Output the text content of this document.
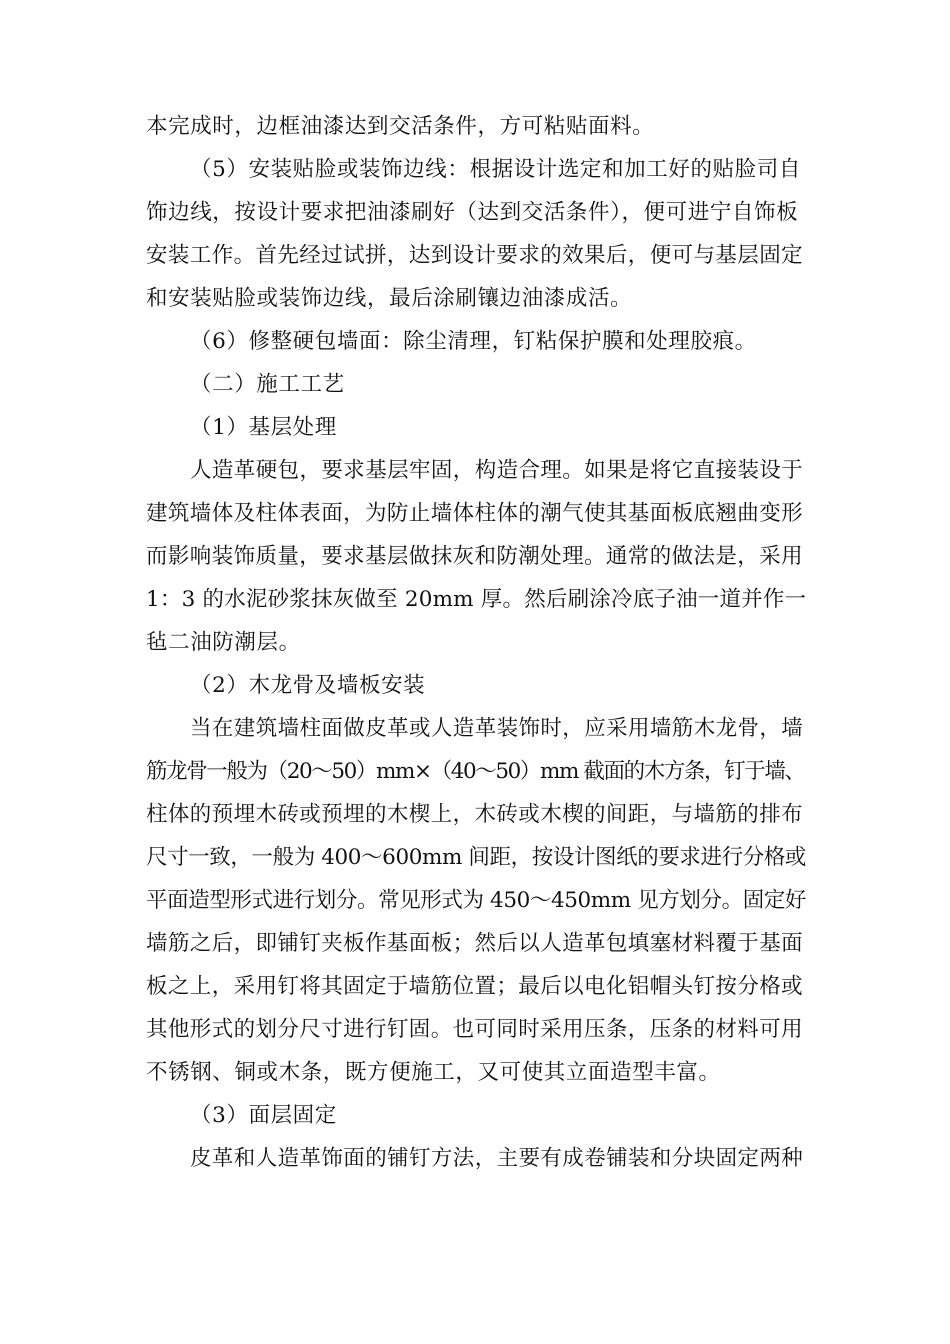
本完成时，边框油漆达到交活条件，方可粘贴面料。
（5）安装贴脸或装饰边线：根据设计选定和加工好的贴脸司自
饰边线，按设计要求把油漆刷好（达到交活条件），便可进宁自饰板
安装工作。首先经过试拼，达到设计要求的效果后，便可与基层固定
和安装贴脸或装饰边线，最后涂刷镶边油漆成活。
（6）修整硬包墙面：除尘清理，钉粘保护膜和处理胶痕。
（二）施工工艺
（1）基层处理
人造革硬包，要求基层牢固，构造合理。如果是将它直接装设于
建筑墙体及柱体表面，为防止墙体柱体的潮气使其基面板底翘曲变形
而影响装饰质量，要求基层做抹灰和防潮处理。通常的做法是，采用
1：3 的水泥砂浆抹灰做至 20mm 厚。然后刷涂冷底子油一道并作一
毡二油防潮层。
（2）木龙骨及墙板安装
当在建筑墙柱面做皮革或人造革装饰时，应采用墙筋木龙骨，墙
筋龙骨一般为（20～50）mm×（40～50）mm 截面的木方条，钉于墙、
柱体的预埋木砖或预埋的木楔上，木砖或木楔的间距，与墙筋的排布
尺寸一致，一般为 400～600mm 间距，按设计图纸的要求进行分格或
平面造型形式进行划分。常见形式为 450～450mm 见方划分。固定好
墙筋之后，即铺钉夹板作基面板；然后以人造革包填塞材料覆于基面
板之上，采用钉将其固定于墙筋位置；最后以电化铝帽头钉按分格或
其他形式的划分尺寸进行钉固。也可同时采用压条，压条的材料可用
不锈钢、铜或木条，既方便施工，又可使其立面造型丰富。
（3）面层固定
皮革和人造革饰面的铺钉方法，主要有成卷铺装和分块固定两种
